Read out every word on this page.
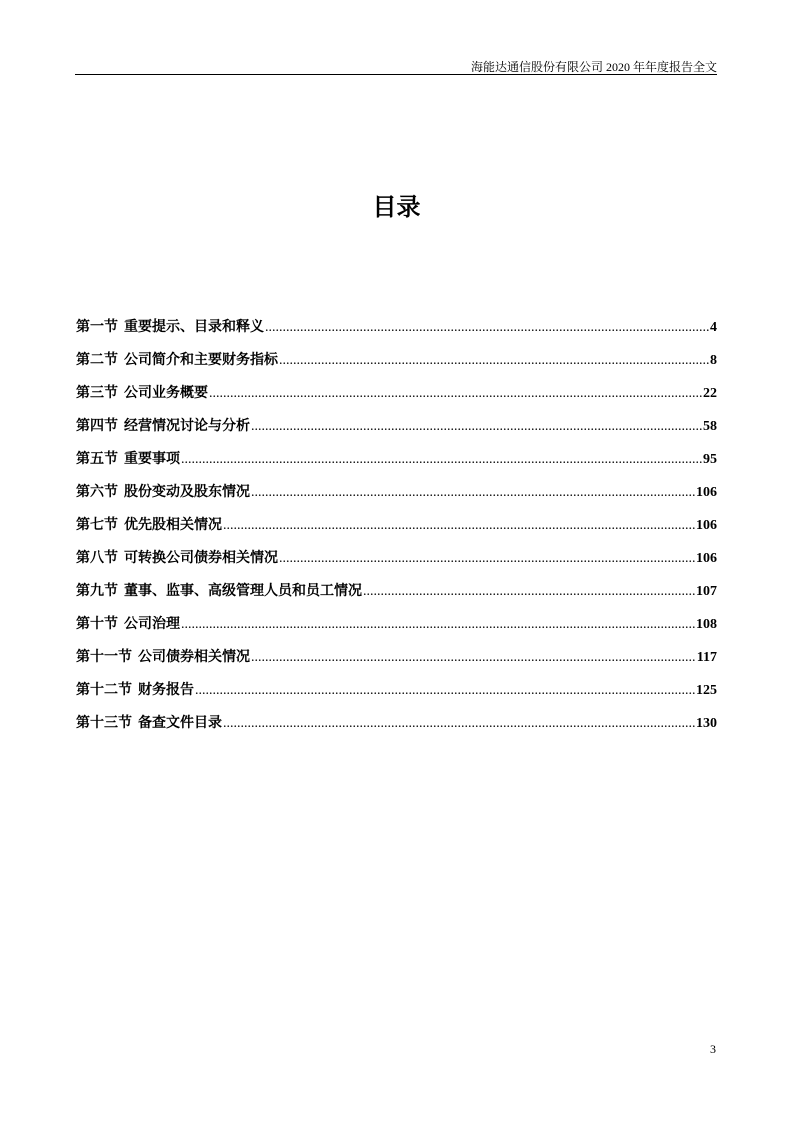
海能达通信股份有限公司 2020 年年度报告全文
目录
第一节 重要提示、目录和释义 .....	4
第二节 公司简介和主要财务指标 .....	8
第三节 公司业务概要 .....	22
第四节 经营情况讨论与分析 .....	58
第五节 重要事项 .....	95
第六节 股份变动及股东情况 .....	106
第七节 优先股相关情况 .....	106
第八节 可转换公司债券相关情况 .....	106
第九节 董事、监事、高级管理人员和员工情况 .....	107
第十节 公司治理 .....	108
第十一节 公司债券相关情况 .....	117
第十二节 财务报告 .....	125
第十三节 备查文件目录 .....	130
3
